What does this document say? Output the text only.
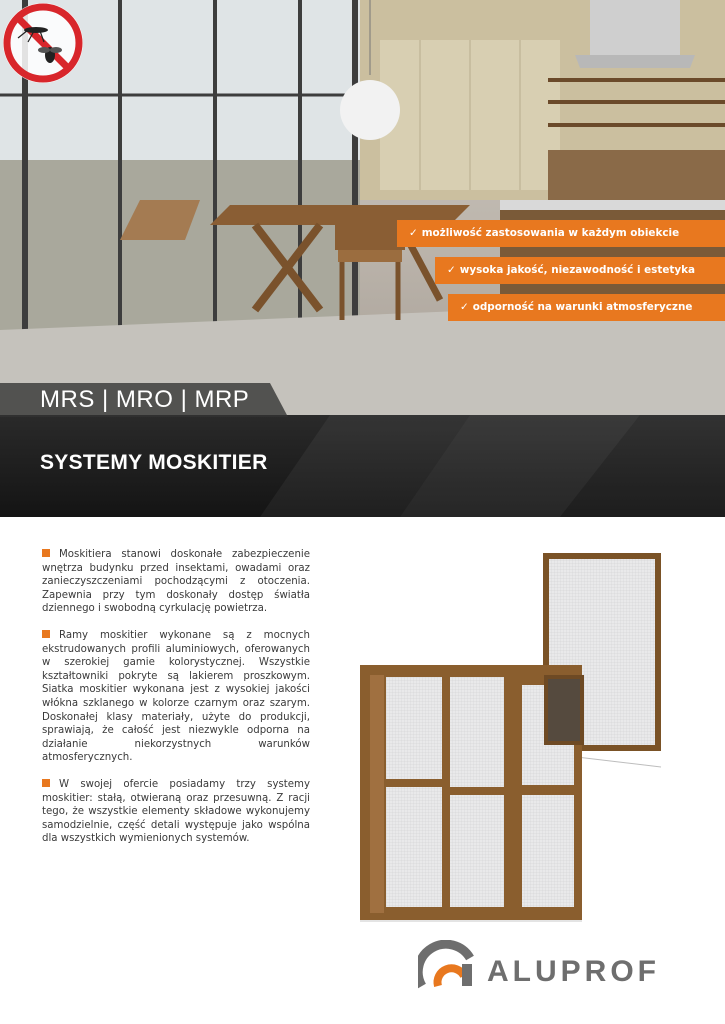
✓ możliwość zastosowania w każdym obiekcie
✓ wysoka jakość, niezawodność i estetyka
✓ odporność na warunki atmosferyczne
MRS | MRO | MRP
SYSTEMY MOSKITIER

Moskitiera stanowi doskonałe zabezpieczenie wnętrza budynku przed insektami, owadami oraz zanieczyszczeniami pochodzącymi z otoczenia. Zapewnia przy tym doskonały dostęp światła dziennego i swobodną cyrkulację powietrza.

Ramy moskitier wykonane są z mocnych ekstrudowanych profili aluminiowych, oferowanych w szerokiej gamie kolorystycznej. Wszystkie kształtowniki pokryte są lakierem proszkowym. Siatka moskitier wykonana jest z wysokiej jakości włókna szklanego w kolorze czarnym oraz szarym. Doskonałej klasy materiały, użyte do produkcji, sprawiają, że całość jest niezwykle odporna na działanie niekorzystnych warunków atmosferycznych.

W swojej ofercie posiadamy trzy systemy moskitier: stałą, otwieraną oraz przesuwną. Z racji tego, że wszystkie elementy składowe wykonujemy samodzielnie, część detali występuje jako wspólna dla wszystkich wymienionych systemów.

ALUPROF
